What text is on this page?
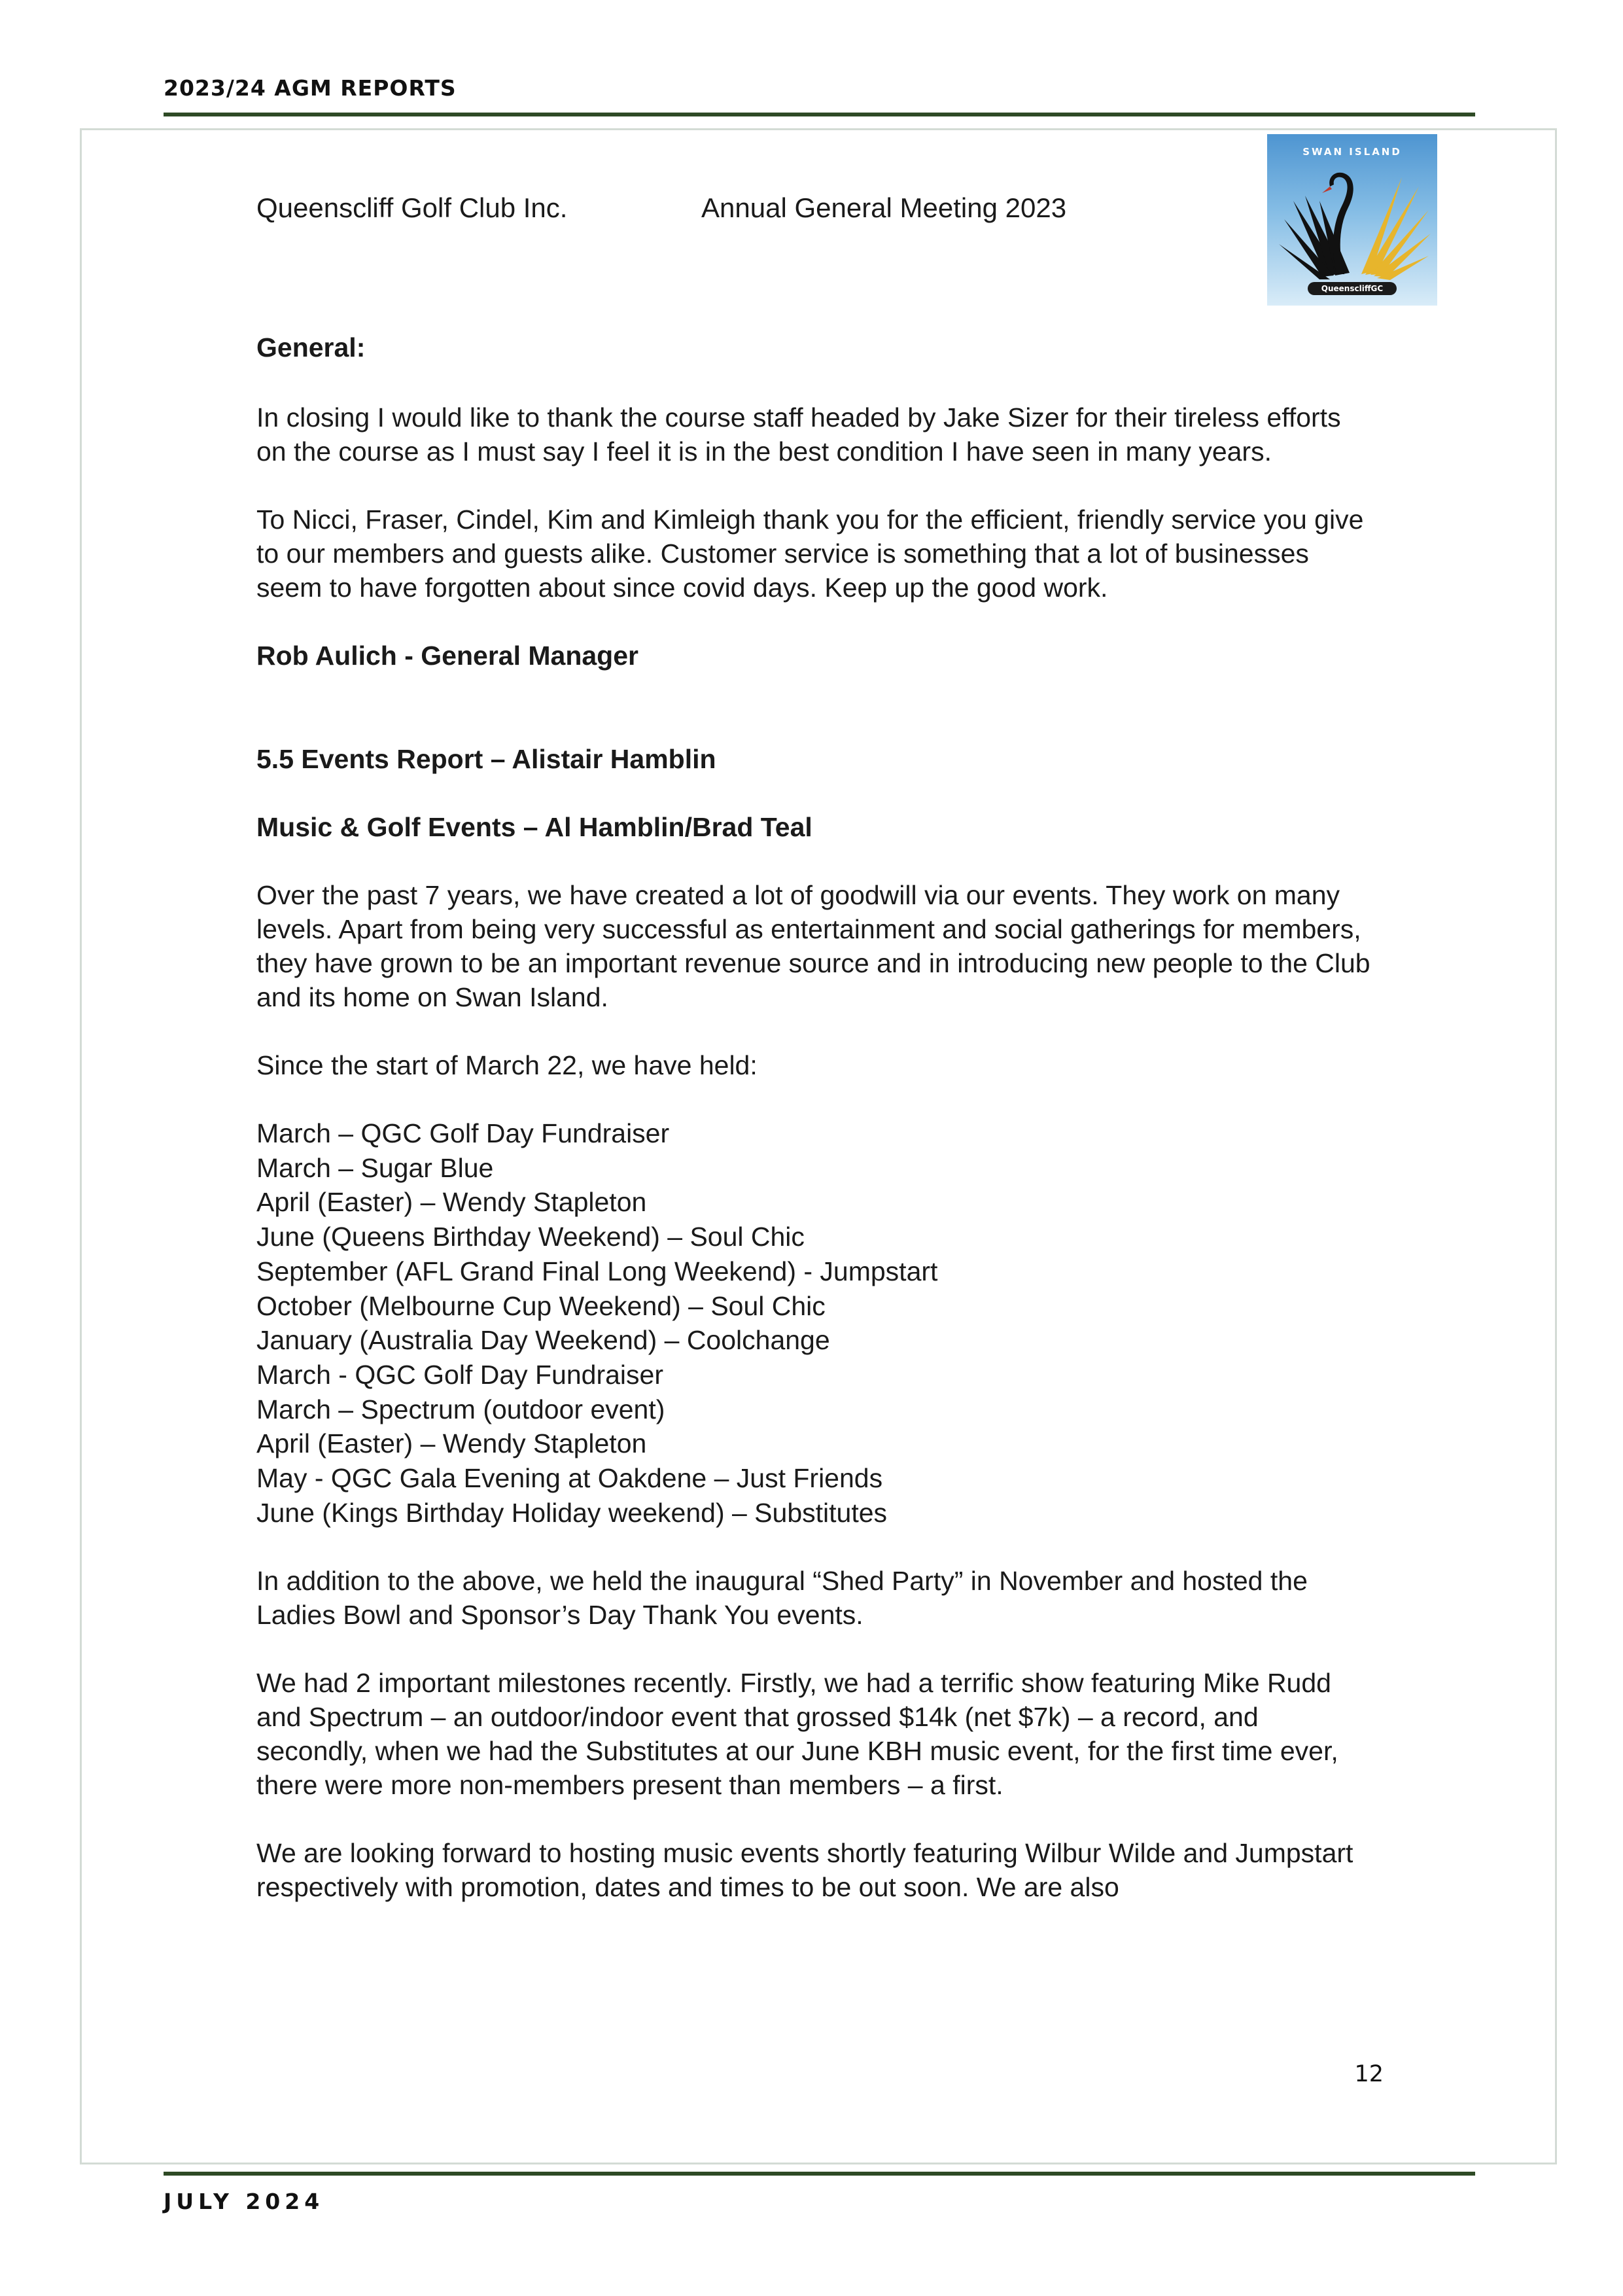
2023/24 AGM REPORTS
Queenscliff Golf Club Inc.	Annual General Meeting 2023
SWAN ISLAND
QueenscliffGC

General:

In closing I would like to thank the course staff headed by Jake Sizer for their tireless efforts on the course as I must say I feel it is in the best condition I have seen in many years.

To Nicci, Fraser, Cindel, Kim and Kimleigh thank you for the efficient, friendly service you give to our members and guests alike. Customer service is something that a lot of businesses seem to have forgotten about since covid days. Keep up the good work.

Rob Aulich - General Manager

5.5 Events Report – Alistair Hamblin

Music & Golf Events – Al Hamblin/Brad Teal

Over the past 7 years, we have created a lot of goodwill via our events. They work on many levels. Apart from being very successful as entertainment and social gatherings for members, they have grown to be an important revenue source and in introducing new people to the Club and its home on Swan Island.

Since the start of March 22, we have held:

March – QGC Golf Day Fundraiser
March – Sugar Blue
April (Easter) – Wendy Stapleton
June (Queens Birthday Weekend) – Soul Chic
September (AFL Grand Final Long Weekend) - Jumpstart
October (Melbourne Cup Weekend) – Soul Chic
January (Australia Day Weekend) – Coolchange
March - QGC Golf Day Fundraiser
March – Spectrum (outdoor event)
April (Easter) – Wendy Stapleton
May - QGC Gala Evening at Oakdene – Just Friends
June (Kings Birthday Holiday weekend) – Substitutes

In addition to the above, we held the inaugural “Shed Party” in November and hosted the Ladies Bowl and Sponsor’s Day Thank You events.

We had 2 important milestones recently. Firstly, we had a terrific show featuring Mike Rudd and Spectrum – an outdoor/indoor event that grossed $14k (net $7k) – a record, and secondly, when we had the Substitutes at our June KBH music event, for the first time ever, there were more non-members present than members – a first.

We are looking forward to hosting music events shortly featuring Wilbur Wilde and Jumpstart respectively with promotion, dates and times to be out soon. We are also

12
JULY 2024
